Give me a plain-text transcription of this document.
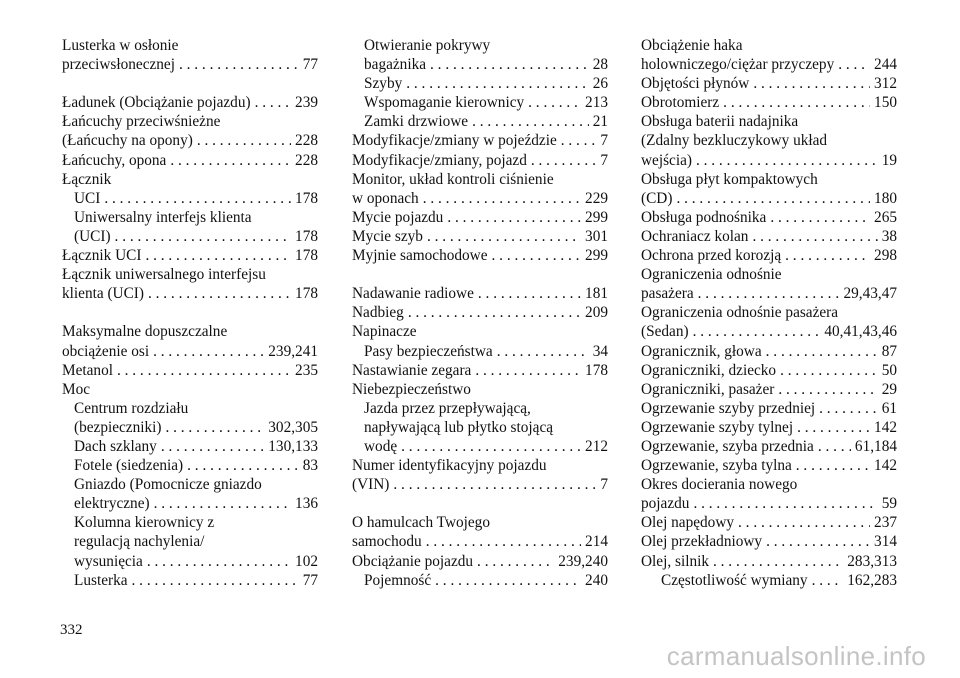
Lusterka w osłonie
przeciwsłonecznej . . .	77
Ładunek (Obciążanie pojazdu) . . .	239
Łańcuchy przeciwśnieżne
(Łańcuchy na opony) . . .	228
Łańcuchy, opona . . .	228
Łącznik
UCI . . .	178
Uniwersalny interfejs klienta
(UCI) . . .	178
Łącznik UCI . . .	178
Łącznik uniwersalnego interfejsu
klienta (UCI) . . .	178
Maksymalne dopuszczalne
obciążenie osi . . .	239,241
Metanol . . .	235
Moc
Centrum rozdziału
(bezpieczniki) . . .	302,305
Dach szklany . . .	130,133
Fotele (siedzenia) . . .	83
Gniazdo (Pomocnicze gniazdo
elektryczne) . . .	136
Kolumna kierownicy z
regulacją nachylenia/
wysunięcia . . .	102
Lusterka . . .	77
Otwieranie pokrywy
bagażnika . . .	28
Szyby . . .	26
Wspomaganie kierownicy . . .	213
Zamki drzwiowe . . .	21
Modyfikacje/zmiany w pojeździe . . .	7
Modyfikacje/zmiany, pojazd . . .	7
Monitor, układ kontroli ciśnienie
w oponach . . .	229
Mycie pojazdu . . .	299
Mycie szyb . . .	301
Myjnie samochodowe . . .	299
Nadawanie radiowe . . .	181
Nadbieg . . .	209
Napinacze
Pasy bezpieczeństwa . . .	34
Nastawianie zegara . . .	178
Niebezpieczeństwo
Jazda przez przepływającą,
napływającą lub płytko stojącą
wodę . . .	212
Numer identyfikacyjny pojazdu
(VIN) . . .	7
O hamulcach Twojego
samochodu . . .	214
Obciążanie pojazdu . . .	239,240
Pojemność . . .	240
Obciążenie haka
holowniczego/ciężar przyczepy . . .	244
Objętości płynów . . .	312
Obrotomierz . . .	150
Obsługa baterii nadajnika
(Zdalny bezkluczykowy układ
wejścia) . . .	19
Obsługa płyt kompaktowych
(CD) . . .	180
Obsługa podnośnika . . .	265
Ochraniacz kolan . . .	38
Ochrona przed korozją . . .	298
Ograniczenia odnośnie
pasażera . . .	29,43,47
Ograniczenia odnośnie pasażera
(Sedan) . . .	40,41,43,46
Ogranicznik, głowa . . .	87
Ograniczniki, dziecko . . .	50
Ograniczniki, pasażer . . .	29
Ogrzewanie szyby przedniej . . .	61
Ogrzewanie szyby tylnej . . .	142
Ogrzewanie, szyba przednia . . .	61,184
Ogrzewanie, szyba tylna . . .	142
Okres docierania nowego
pojazdu . . .	59
Olej napędowy . . .	237
Olej przekładniowy . . .	314
Olej, silnik . . .	283,313
Częstotliwość wymiany . . .	162,283
332
carmanualsonline.info
